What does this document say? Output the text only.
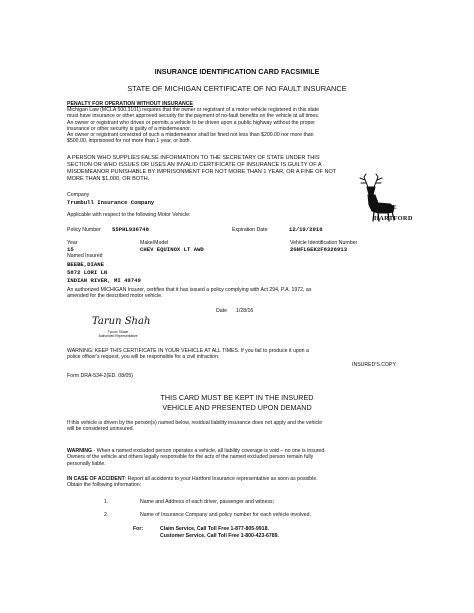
INSURANCE IDENTIFICATION CARD FACSIMILE
STATE OF MICHIGAN CERTIFICATE OF NO FAULT INSURANCE
PENALTY FOR OPERATION WITHOUT INSURANCE
Michigan Law (MCLA 500.3101) requires that the owner or registrant of a motor vehicle registered in this state
must have insurance or other approved security for the payment of no-fault benefits on the vehicle at all times.
An owner or registrant who drives or permits a vehicle to be driven upon a public highway without the proper
insurance or other security is guilty of a misdemeanor.
An owner or registrant convicted of such a misdemeanor shall be fined not less than $200.00 nor more than
$500.00, imprisoned for not more than 1 year, or both.
A PERSON WHO SUPPLIES FALSE INFORMATION TO THE SECRETARY OF STATE UNDER THIS
SECTION OR WHO ISSUES OR USES AN INVALID CERTIFICATE OF INSURANCE IS GUILTY OF A
MISDEMEANOR PUNISHABLE BY IMPRISONMENT FOR NOT MORE THAN 1 YEAR, OR A FINE OF NOT
MORE THAN $1,000, OR BOTH.
Company
Trumbull Insurance Company
Applicable with respect to the following Motor Vehicle:
THE
HARTFORD
Policy Number 55PHL936748	Expiration Date	12/19/2016
Year
15
Make/Model
CHEV EQUINOX LT AWD
Vehicle Identification Number
2GNFLGEK2F6326913
Named Insured
BEEBE,DIANE
5872 LORI LN
INDIAN RIVER, MI 49749
An authorized MICHIGAN Insurer, certifies that it has issued a policy complying with Act 294, P.A. 1972, as
amended for the described motor vehicle.
Date 1/28/16
Tarun Shah
Tyrone Shade
Authorized Representative
WARNING: KEEP THIS CERTIFICATE IN YOUR VEHICLE AT ALL TIMES. If you fail to produce it upon a
police officer's request, you will be responsible for a civil infraction.
INSURED'S COPY
Form DRA-534-2(ED. 08/05)
THIS CARD MUST BE KEPT IN THE INSURED
VEHICLE AND PRESENTED UPON DEMAND
If this vehicle is driven by the person(s) named below, residual liability insurance does not apply and the vehicle
will be considered uninsured.
WARNING - When a named excluded person operates a vehicle, all liability coverage is void – no one is insured.
Owners of the vehicle and others legally responsible for the acts of the named excluded person remain fully
personally liable.
IN CASE OF ACCIDENT: Report all accidents to your Hartford Insurance representative as soon as possible.
Obtain the following information:
1.	Name and Address of each driver, passenger and witness;
2.	Name of Insurance Company and policy number for each vehicle involved.
For:	Claim Service, Call Toll Free 1-877-805-9918.
Customer Service, Call Toll Free 1-800-423-6789.
